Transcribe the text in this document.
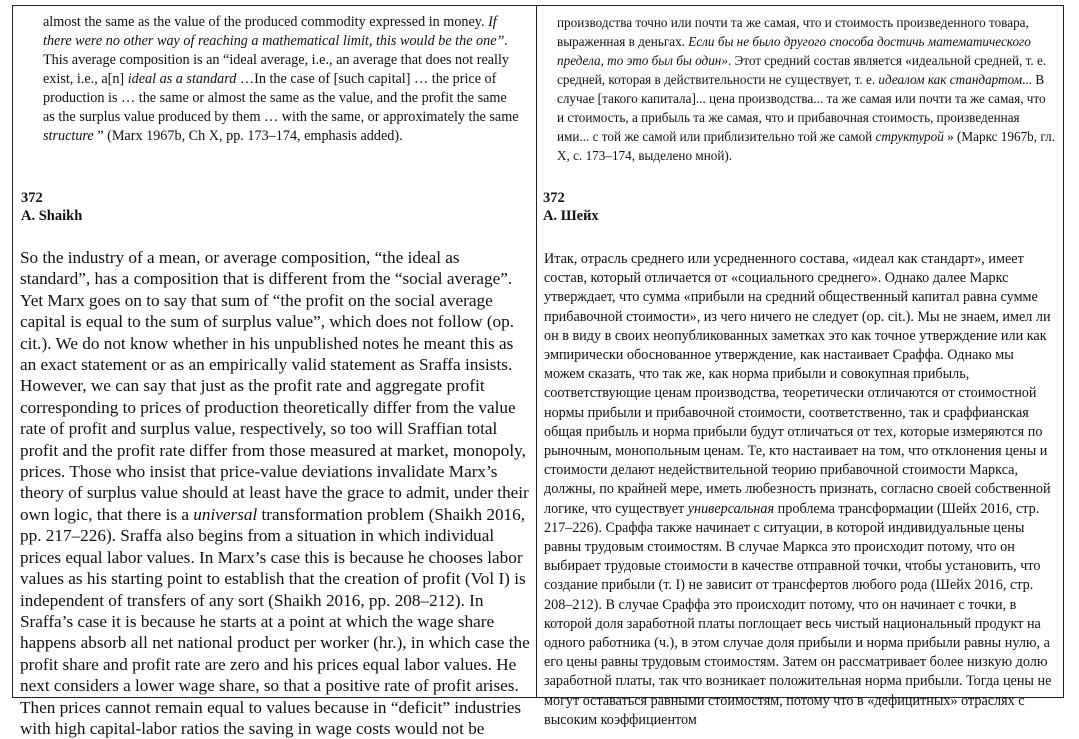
almost the same as the value of the produced commodity expressed in money. If there were no other way of reaching a mathematical limit, this would be the one”. This average composition is an “ideal average, i.e., an average that does not really exist, i.e., a[n] ideal as a standard …In the case of [such capital] … the price of production is … the same or almost the same as the value, and the profit the same as the surplus value produced by them … with the same, or approximately the same structure ” (Marx 1967b, Ch X, pp. 173–174, emphasis added).

372
A. Shaikh

So the industry of a mean, or average composition, “the ideal as standard”, has a composition that is different from the “social average”. Yet Marx goes on to say that sum of “the profit on the social average capital is equal to the sum of surplus value”, which does not follow (op. cit.). We do not know whether in his unpublished notes he meant this as an exact statement or as an empirically valid statement as Sraffa insists. However, we can say that just as the profit rate and aggregate profit corresponding to prices of production theoretically differ from the value rate of profit and surplus value, respectively, so too will Sraffian total profit and the profit rate differ from those measured at market, monopoly, prices. Those who insist that price-value deviations invalidate Marx’s theory of surplus value should at least have the grace to admit, under their own logic, that there is a universal transformation problem (Shaikh 2016, pp. 217–226). Sraffa also begins from a situation in which individual prices equal labor values. In Marx’s case this is because he chooses labor values as his starting point to establish that the creation of profit (Vol I) is independent of transfers of any sort (Shaikh 2016, pp. 208–212). In Sraffa’s case it is because he starts at a point at which the wage share happens absorb all net national product per worker (hr.), in which case the profit share and profit rate are zero and his prices equal labor values. He next considers a lower wage share, so that a positive rate of profit arises. Then prices cannot remain equal to values because in “deficit” industries with high capital-labor ratios the saving in wage costs would not be

производства точно или почти та же самая, что и стоимость произведенного товара, выраженная в деньгах. Если бы не было другого способа достичь математического предела, то это был бы один». Этот средний состав является «идеальной средней, т. е. средней, которая в действительности не существует, т. е. идеалом как стандартом... В случае [такого капитала]... цена производства... та же самая или почти та же самая, что и стоимость, а прибыль та же самая, что и прибавочная стоимость, произведенная ими... с той же самой или приблизительно той же самой структурой » (Маркс 1967b, гл. X, с. 173–174, выделено мной).

372
А. Шейх

Итак, отрасль среднего или усредненного состава, «идеал как стандарт», имеет состав, который отличается от «социального среднего». Однако далее Маркс утверждает, что сумма «прибыли на средний общественный капитал равна сумме прибавочной стоимости», из чего ничего не следует (op. cit.). Мы не знаем, имел ли он в виду в своих неопубликованных заметках это как точное утверждение или как эмпирически обоснованное утверждение, как настаивает Сраффа. Однако мы можем сказать, что так же, как норма прибыли и совокупная прибыль, соответствующие ценам производства, теоретически отличаются от стоимостной нормы прибыли и прибавочной стоимости, соответственно, так и сраффианская общая прибыль и норма прибыли будут отличаться от тех, которые измеряются по рыночным, монопольным ценам. Те, кто настаивает на том, что отклонения цены и стоимости делают недействительной теорию прибавочной стоимости Маркса, должны, по крайней мере, иметь любезность признать, согласно своей собственной логике, что существует универсальная проблема трансформации (Шейх 2016, стр. 217–226). Сраффа также начинает с ситуации, в которой индивидуальные цены равны трудовым стоимостям. В случае Маркса это происходит потому, что он выбирает трудовые стоимости в качестве отправной точки, чтобы установить, что создание прибыли (т. I) не зависит от трансфертов любого рода (Шейх 2016, стр. 208–212). В случае Сраффа это происходит потому, что он начинает с точки, в которой доля заработной платы поглощает весь чистый национальный продукт на одного работника (ч.), в этом случае доля прибыли и норма прибыли равны нулю, а его цены равны трудовым стоимостям. Затем он рассматривает более низкую долю заработной платы, так что возникает положительная норма прибыли. Тогда цены не могут оставаться равными стоимостям, потому что в «дефицитных» отраслях с высоким коэффициентом
